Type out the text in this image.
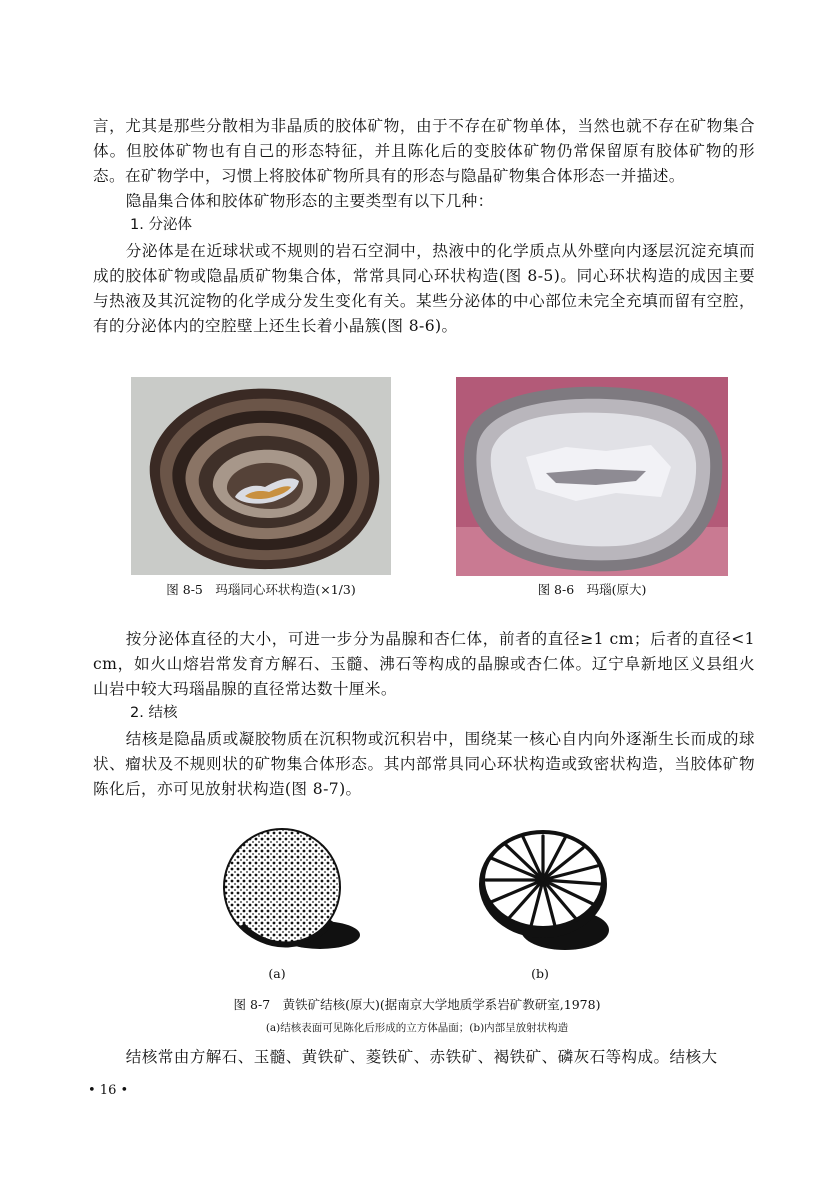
言，尤其是那些分散相为非晶质的胶体矿物，由于不存在矿物单体，当然也就不存在矿物集合体。但胶体矿物也有自己的形态特征，并且陈化后的变胶体矿物仍常保留原有胶体矿物的形态。在矿物学中，习惯上将胶体矿物所具有的形态与隐晶矿物集合体形态一并描述。

隐晶集合体和胶体矿物形态的主要类型有以下几种：

1. 分泌体

分泌体是在近球状或不规则的岩石空洞中，热液中的化学质点从外壁向内逐层沉淀充填而成的胶体矿物或隐晶质矿物集合体，常常具同心环状构造(图 8-5)。同心环状构造的成因主要与热液及其沉淀物的化学成分发生变化有关。某些分泌体的中心部位未完全充填而留有空腔，有的分泌体内的空腔壁上还生长着小晶簇(图 8-6)。

图 8-5　玛瑙同心环状构造(×1/3)	图 8-6　玛瑙(原大)

按分泌体直径的大小，可进一步分为晶腺和杏仁体，前者的直径≥1 cm；后者的直径<1 cm，如火山熔岩常发育方解石、玉髓、沸石等构成的晶腺或杏仁体。辽宁阜新地区义县组火山岩中较大玛瑙晶腺的直径常达数十厘米。

2. 结核

结核是隐晶质或凝胶物质在沉积物或沉积岩中，围绕某一核心自内向外逐渐生长而成的球状、瘤状及不规则状的矿物集合体形态。其内部常具同心环状构造或致密状构造，当胶体矿物陈化后，亦可见放射状构造(图 8-7)。

(a)	(b)
图 8-7　黄铁矿结核(原大)(据南京大学地质学系岩矿教研室,1978)
(a)结核表面可见陈化后形成的立方体晶面；(b)内部呈放射状构造

结核常由方解石、玉髓、黄铁矿、菱铁矿、赤铁矿、褐铁矿、磷灰石等构成。结核大

• 16 •
